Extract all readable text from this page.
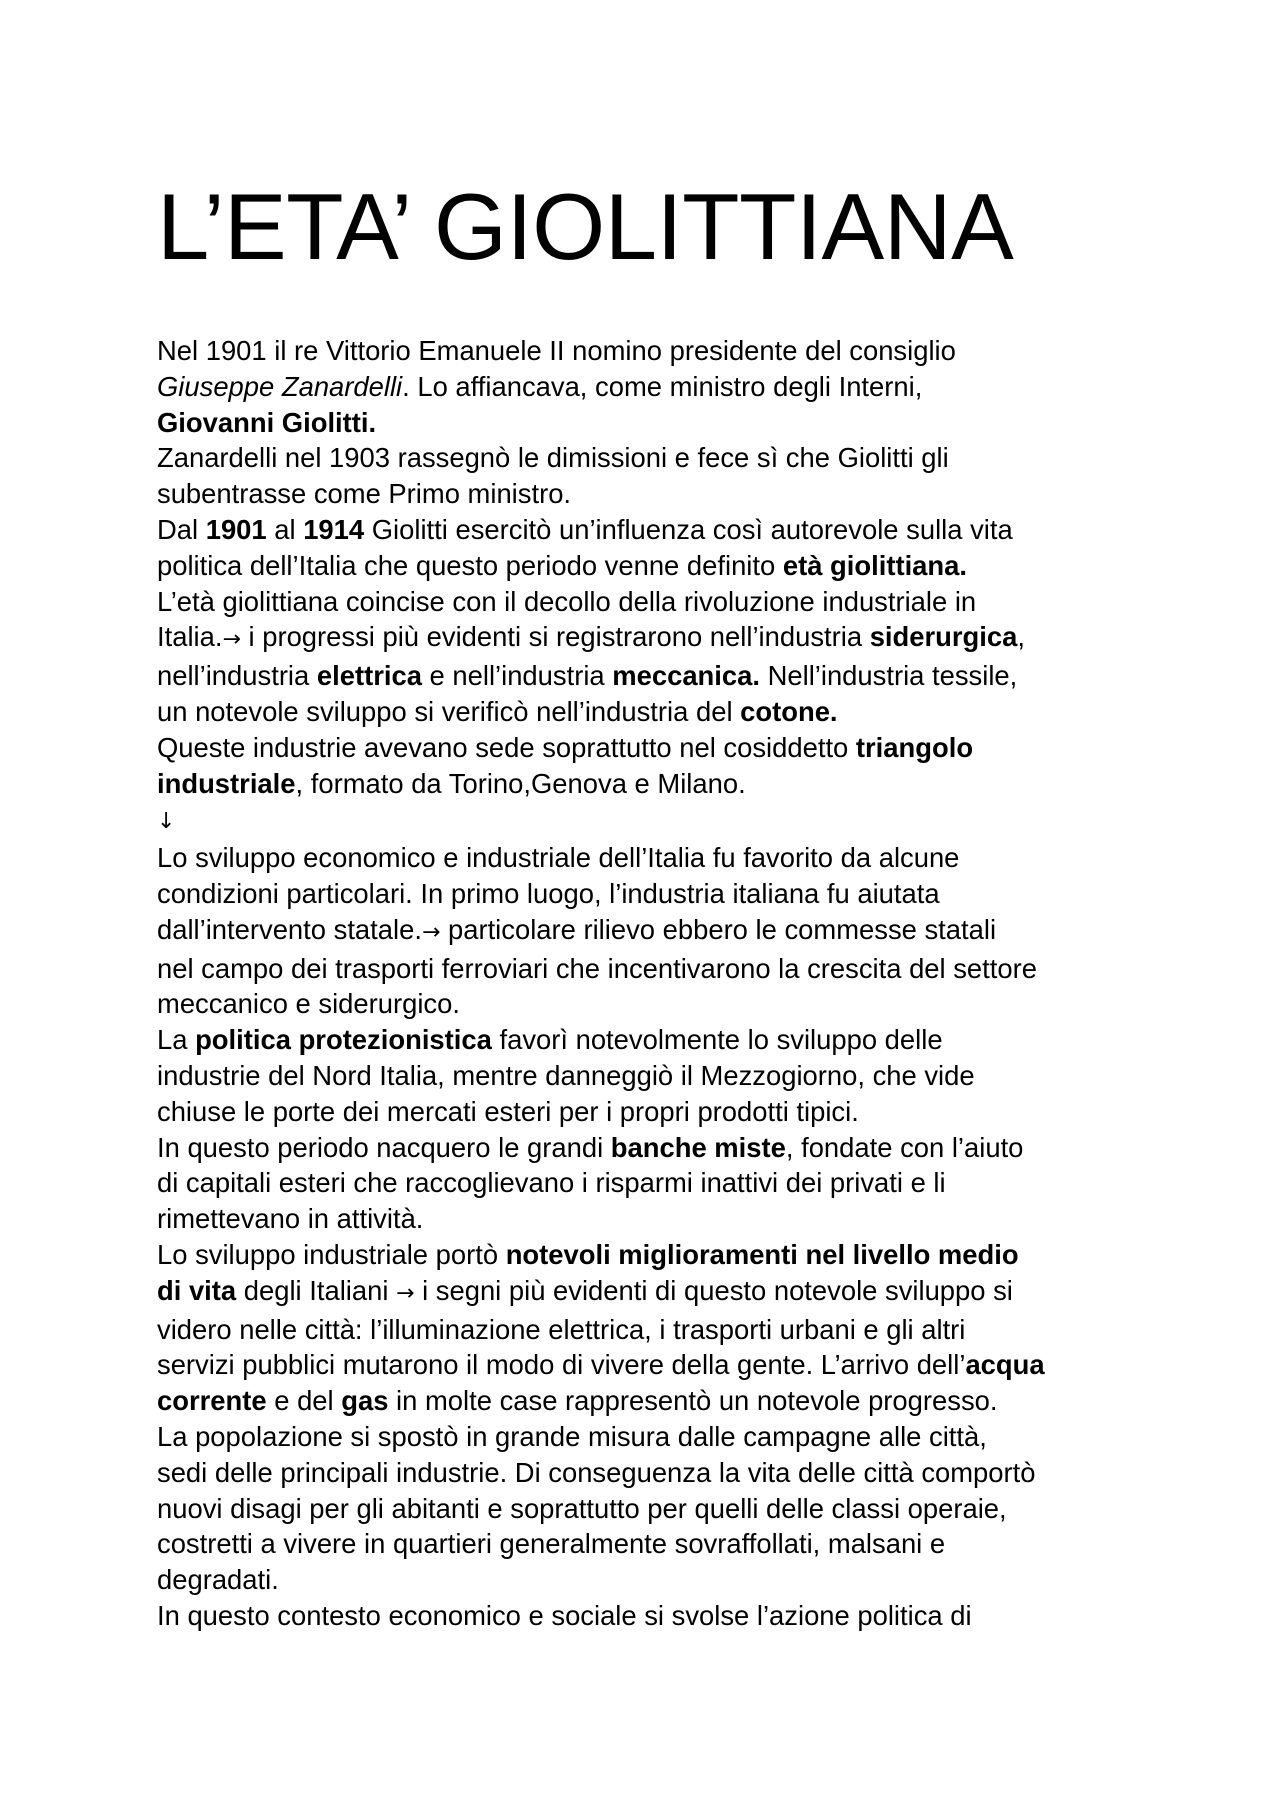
L’ETA’ GIOLITTIANA
Nel 1901 il re Vittorio Emanuele II nomino presidente del consiglio
Giuseppe Zanardelli. Lo affiancava, come ministro degli Interni,
Giovanni Giolitti.
Zanardelli nel 1903 rassegnò le dimissioni e fece sì che Giolitti gli
subentrasse come Primo ministro.
Dal 1901 al 1914 Giolitti esercitò un’influenza così autorevole sulla vita
politica dell’Italia che questo periodo venne definito età giolittiana.
L’età giolittiana coincise con il decollo della rivoluzione industriale in
Italia.→ i progressi più evidenti si registrarono nell’industria siderurgica,
nell’industria elettrica e nell’industria meccanica. Nell’industria tessile,
un notevole sviluppo si verificò nell’industria del cotone.
Queste industrie avevano sede soprattutto nel cosiddetto triangolo
industriale, formato da Torino,Genova e Milano.
↓
Lo sviluppo economico e industriale dell’Italia fu favorito da alcune
condizioni particolari. In primo luogo, l’industria italiana fu aiutata
dall’intervento statale.→ particolare rilievo ebbero le commesse statali
nel campo dei trasporti ferroviari che incentivarono la crescita del settore
meccanico e siderurgico.
La politica protezionistica favorì notevolmente lo sviluppo delle
industrie del Nord Italia, mentre danneggiò il Mezzogiorno, che vide
chiuse le porte dei mercati esteri per i propri prodotti tipici.
In questo periodo nacquero le grandi banche miste, fondate con l’aiuto
di capitali esteri che raccoglievano i risparmi inattivi dei privati e li
rimettevano in attività.
Lo sviluppo industriale portò notevoli miglioramenti nel livello medio
di vita degli Italiani → i segni più evidenti di questo notevole sviluppo si
videro nelle città: l’illuminazione elettrica, i trasporti urbani e gli altri
servizi pubblici mutarono il modo di vivere della gente. L’arrivo dell’acqua
corrente e del gas in molte case rappresentò un notevole progresso.
La popolazione si spostò in grande misura dalle campagne alle città,
sedi delle principali industrie. Di conseguenza la vita delle città comportò
nuovi disagi per gli abitanti e soprattutto per quelli delle classi operaie,
costretti a vivere in quartieri generalmente sovraffollati, malsani e
degradati.
In questo contesto economico e sociale si svolse l’azione politica di
